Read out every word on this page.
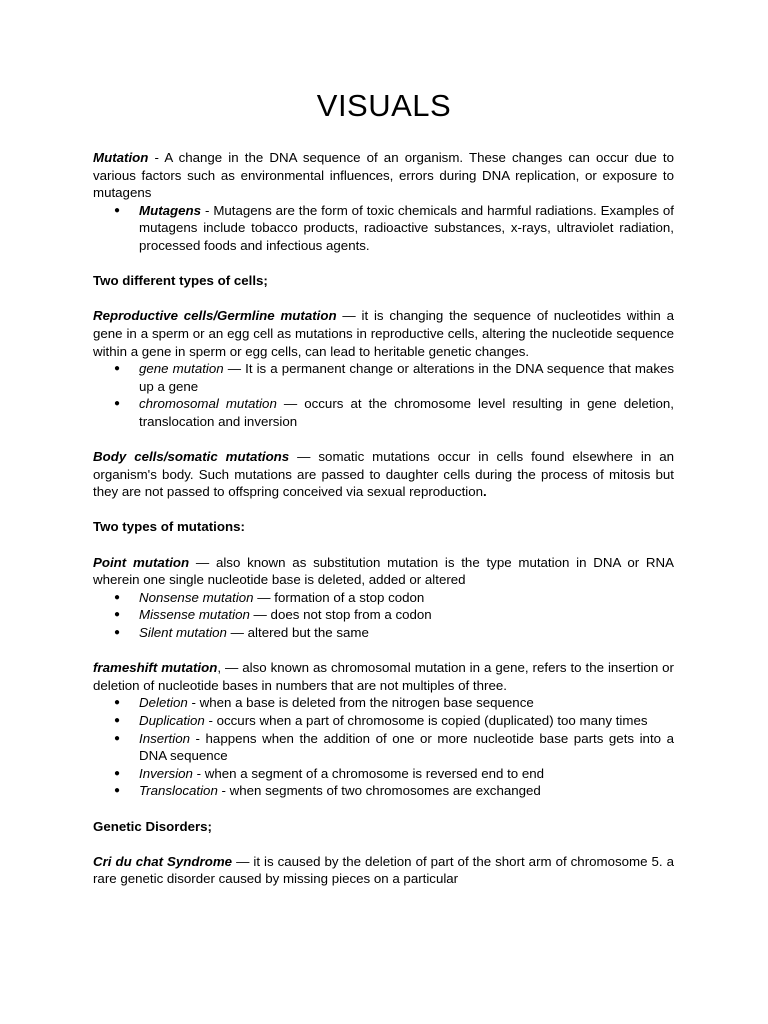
VISUALS

Mutation - A change in the DNA sequence of an organism. These changes can occur due to various factors such as environmental influences, errors during DNA replication, or exposure to mutagens

● Mutagens - Mutagens are the form of toxic chemicals and harmful radiations. Examples of mutagens include tobacco products, radioactive substances, x-rays, ultraviolet radiation, processed foods and infectious agents.

Two different types of cells;

Reproductive cells/Germline mutation — it is changing the sequence of nucleotides within a gene in a sperm or an egg cell as mutations in reproductive cells, altering the nucleotide sequence within a gene in sperm or egg cells, can lead to heritable genetic changes.

● gene mutation — It is a permanent change or alterations in the DNA sequence that makes up a gene
● chromosomal mutation — occurs at the chromosome level resulting in gene deletion, translocation and inversion

Body cells/somatic mutations — somatic mutations occur in cells found elsewhere in an organism's body. Such mutations are passed to daughter cells during the process of mitosis but they are not passed to offspring conceived via sexual reproduction.

Two types of mutations:

Point mutation — also known as substitution mutation is the type mutation in DNA or RNA wherein one single nucleotide base is deleted, added or altered

● Nonsense mutation — formation of a stop codon
● Missense mutation — does not stop from a codon
● Silent mutation — altered but the same

frameshift mutation, — also known as chromosomal mutation in a gene, refers to the insertion or deletion of nucleotide bases in numbers that are not multiples of three.

● Deletion - when a base is deleted from the nitrogen base sequence
● Duplication - occurs when a part of chromosome is copied (duplicated) too many times
● Insertion - happens when the addition of one or more nucleotide base parts gets into a DNA sequence
● Inversion - when a segment of a chromosome is reversed end to end
● Translocation - when segments of two chromosomes are exchanged

Genetic Disorders;

Cri du chat Syndrome — it is caused by the deletion of part of the short arm of chromosome 5. a rare genetic disorder caused by missing pieces on a particular
